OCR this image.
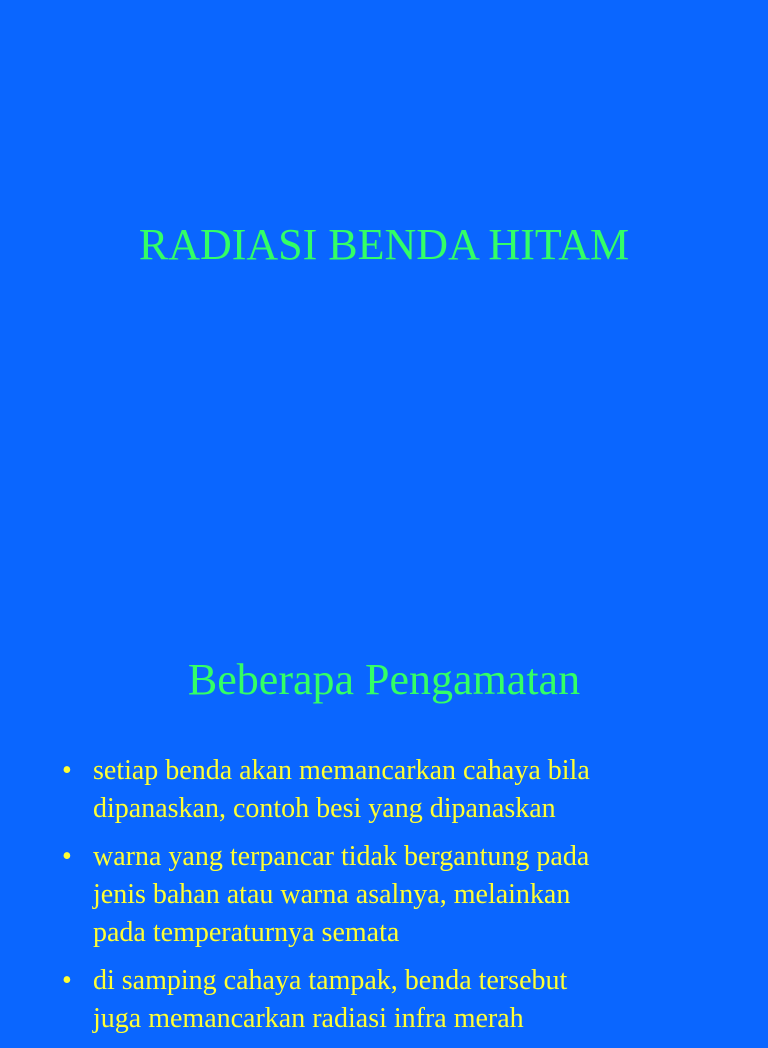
RADIASI BENDA HITAM
Beberapa Pengamatan
• setiap benda akan memancarkan cahaya bila
dipanaskan, contoh besi yang dipanaskan
• warna yang terpancar tidak bergantung pada
jenis bahan atau warna asalnya, melainkan
pada temperaturnya semata
• di samping cahaya tampak, benda tersebut
juga memancarkan radiasi infra merah
